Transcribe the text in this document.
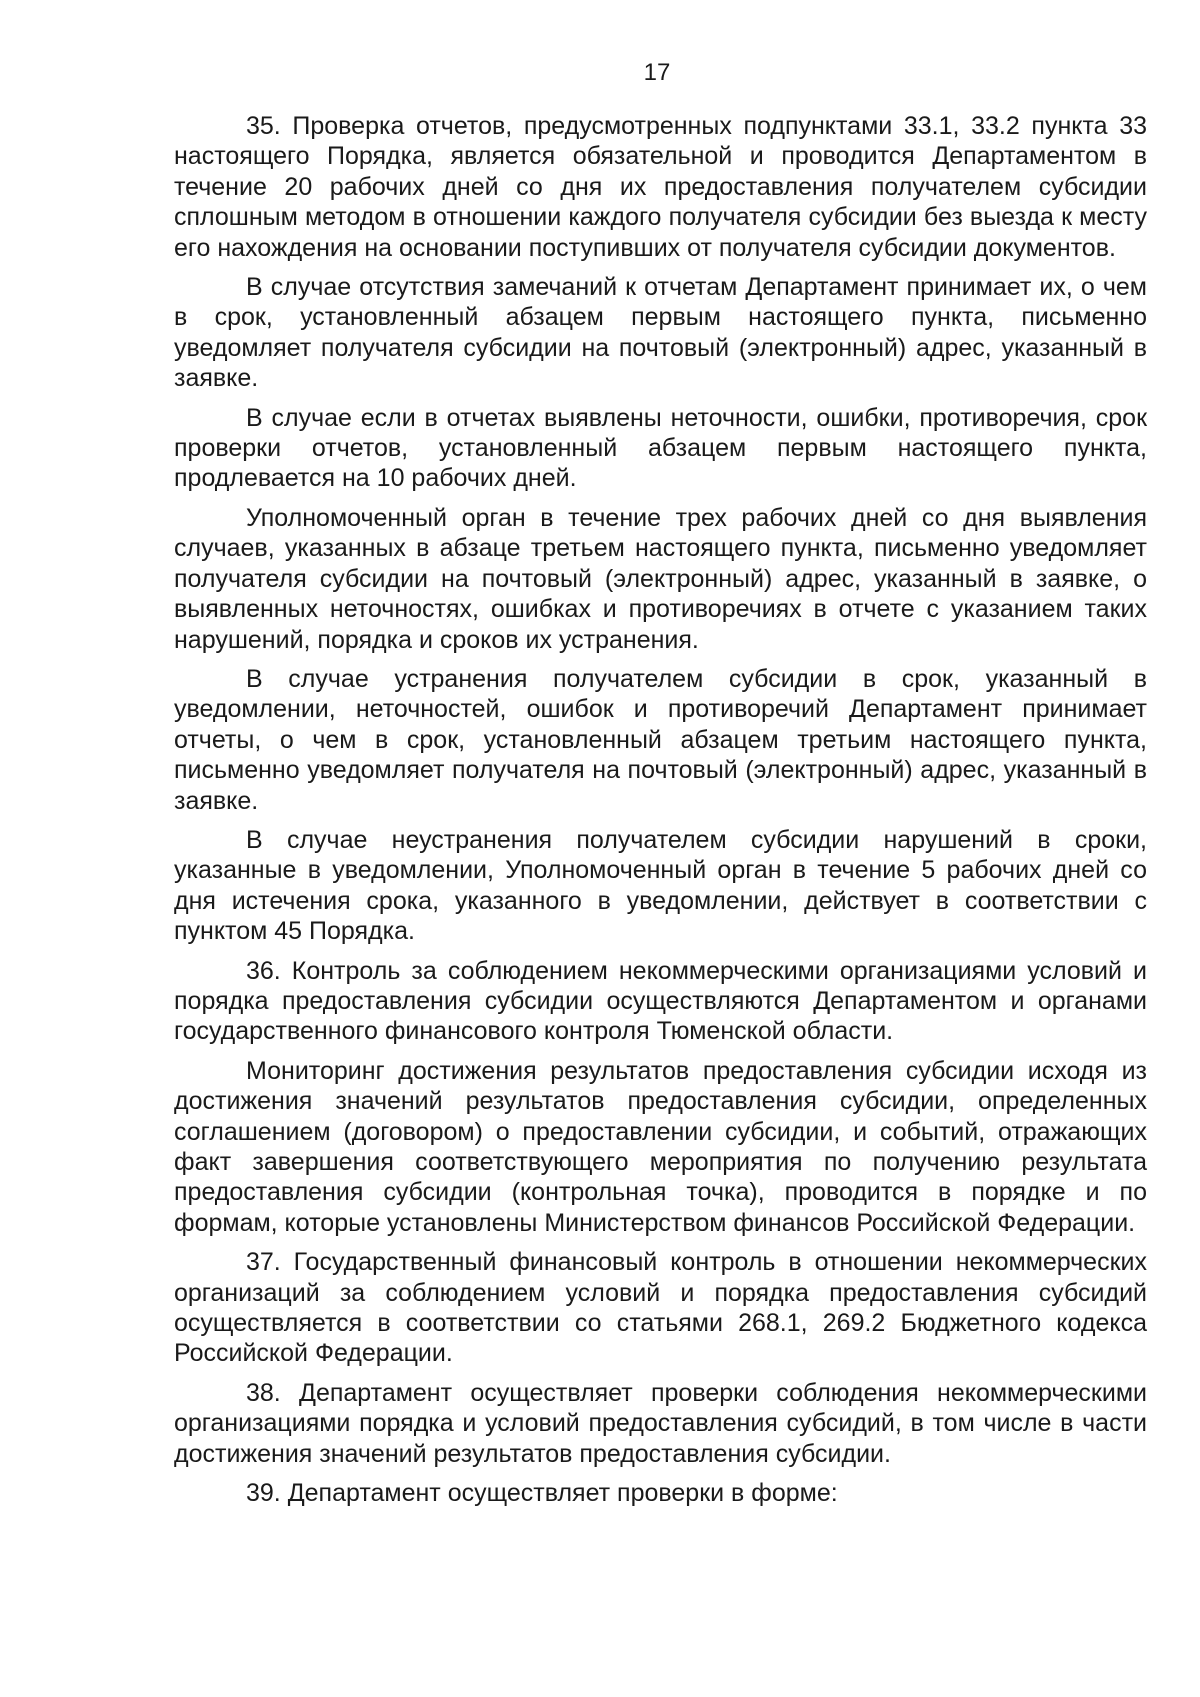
17

35. Проверка отчетов, предусмотренных подпунктами 33.1, 33.2 пункта 33 настоящего Порядка, является обязательной и проводится Департаментом в течение 20 рабочих дней со дня их предоставления получателем субсидии сплошным методом в отношении каждого получателя субсидии без выезда к месту его нахождения на основании поступивших от получателя субсидии документов.

В случае отсутствия замечаний к отчетам Департамент принимает их, о чем в срок, установленный абзацем первым настоящего пункта, письменно уведомляет получателя субсидии на почтовый (электронный) адрес, указанный в заявке.

В случае если в отчетах выявлены неточности, ошибки, противоречия, срок проверки отчетов, установленный абзацем первым настоящего пункта, продлевается на 10 рабочих дней.

Уполномоченный орган в течение трех рабочих дней со дня выявления случаев, указанных в абзаце третьем настоящего пункта, письменно уведомляет получателя субсидии на почтовый (электронный) адрес, указанный в заявке, о выявленных неточностях, ошибках и противоречиях в отчете с указанием таких нарушений, порядка и сроков их устранения.

В случае устранения получателем субсидии в срок, указанный в уведомлении, неточностей, ошибок и противоречий Департамент принимает отчеты, о чем в срок, установленный абзацем третьим настоящего пункта, письменно уведомляет получателя на почтовый (электронный) адрес, указанный в заявке.

В случае неустранения получателем субсидии нарушений в сроки, указанные в уведомлении, Уполномоченный орган в течение 5 рабочих дней со дня истечения срока, указанного в уведомлении, действует в соответствии с пунктом 45 Порядка.

36. Контроль за соблюдением некоммерческими организациями условий и порядка предоставления субсидии осуществляются Департаментом и органами государственного финансового контроля Тюменской области.

Мониторинг достижения результатов предоставления субсидии исходя из достижения значений результатов предоставления субсидии, определенных соглашением (договором) о предоставлении субсидии, и событий, отражающих факт завершения соответствующего мероприятия по получению результата предоставления субсидии (контрольная точка), проводится в порядке и по формам, которые установлены Министерством финансов Российской Федерации.

37. Государственный финансовый контроль в отношении некоммерческих организаций за соблюдением условий и порядка предоставления субсидий осуществляется в соответствии со статьями 268.1, 269.2 Бюджетного кодекса Российской Федерации.

38. Департамент осуществляет проверки соблюдения некоммерческими организациями порядка и условий предоставления субсидий, в том числе в части достижения значений результатов предоставления субсидии.

39. Департамент осуществляет проверки в форме:
